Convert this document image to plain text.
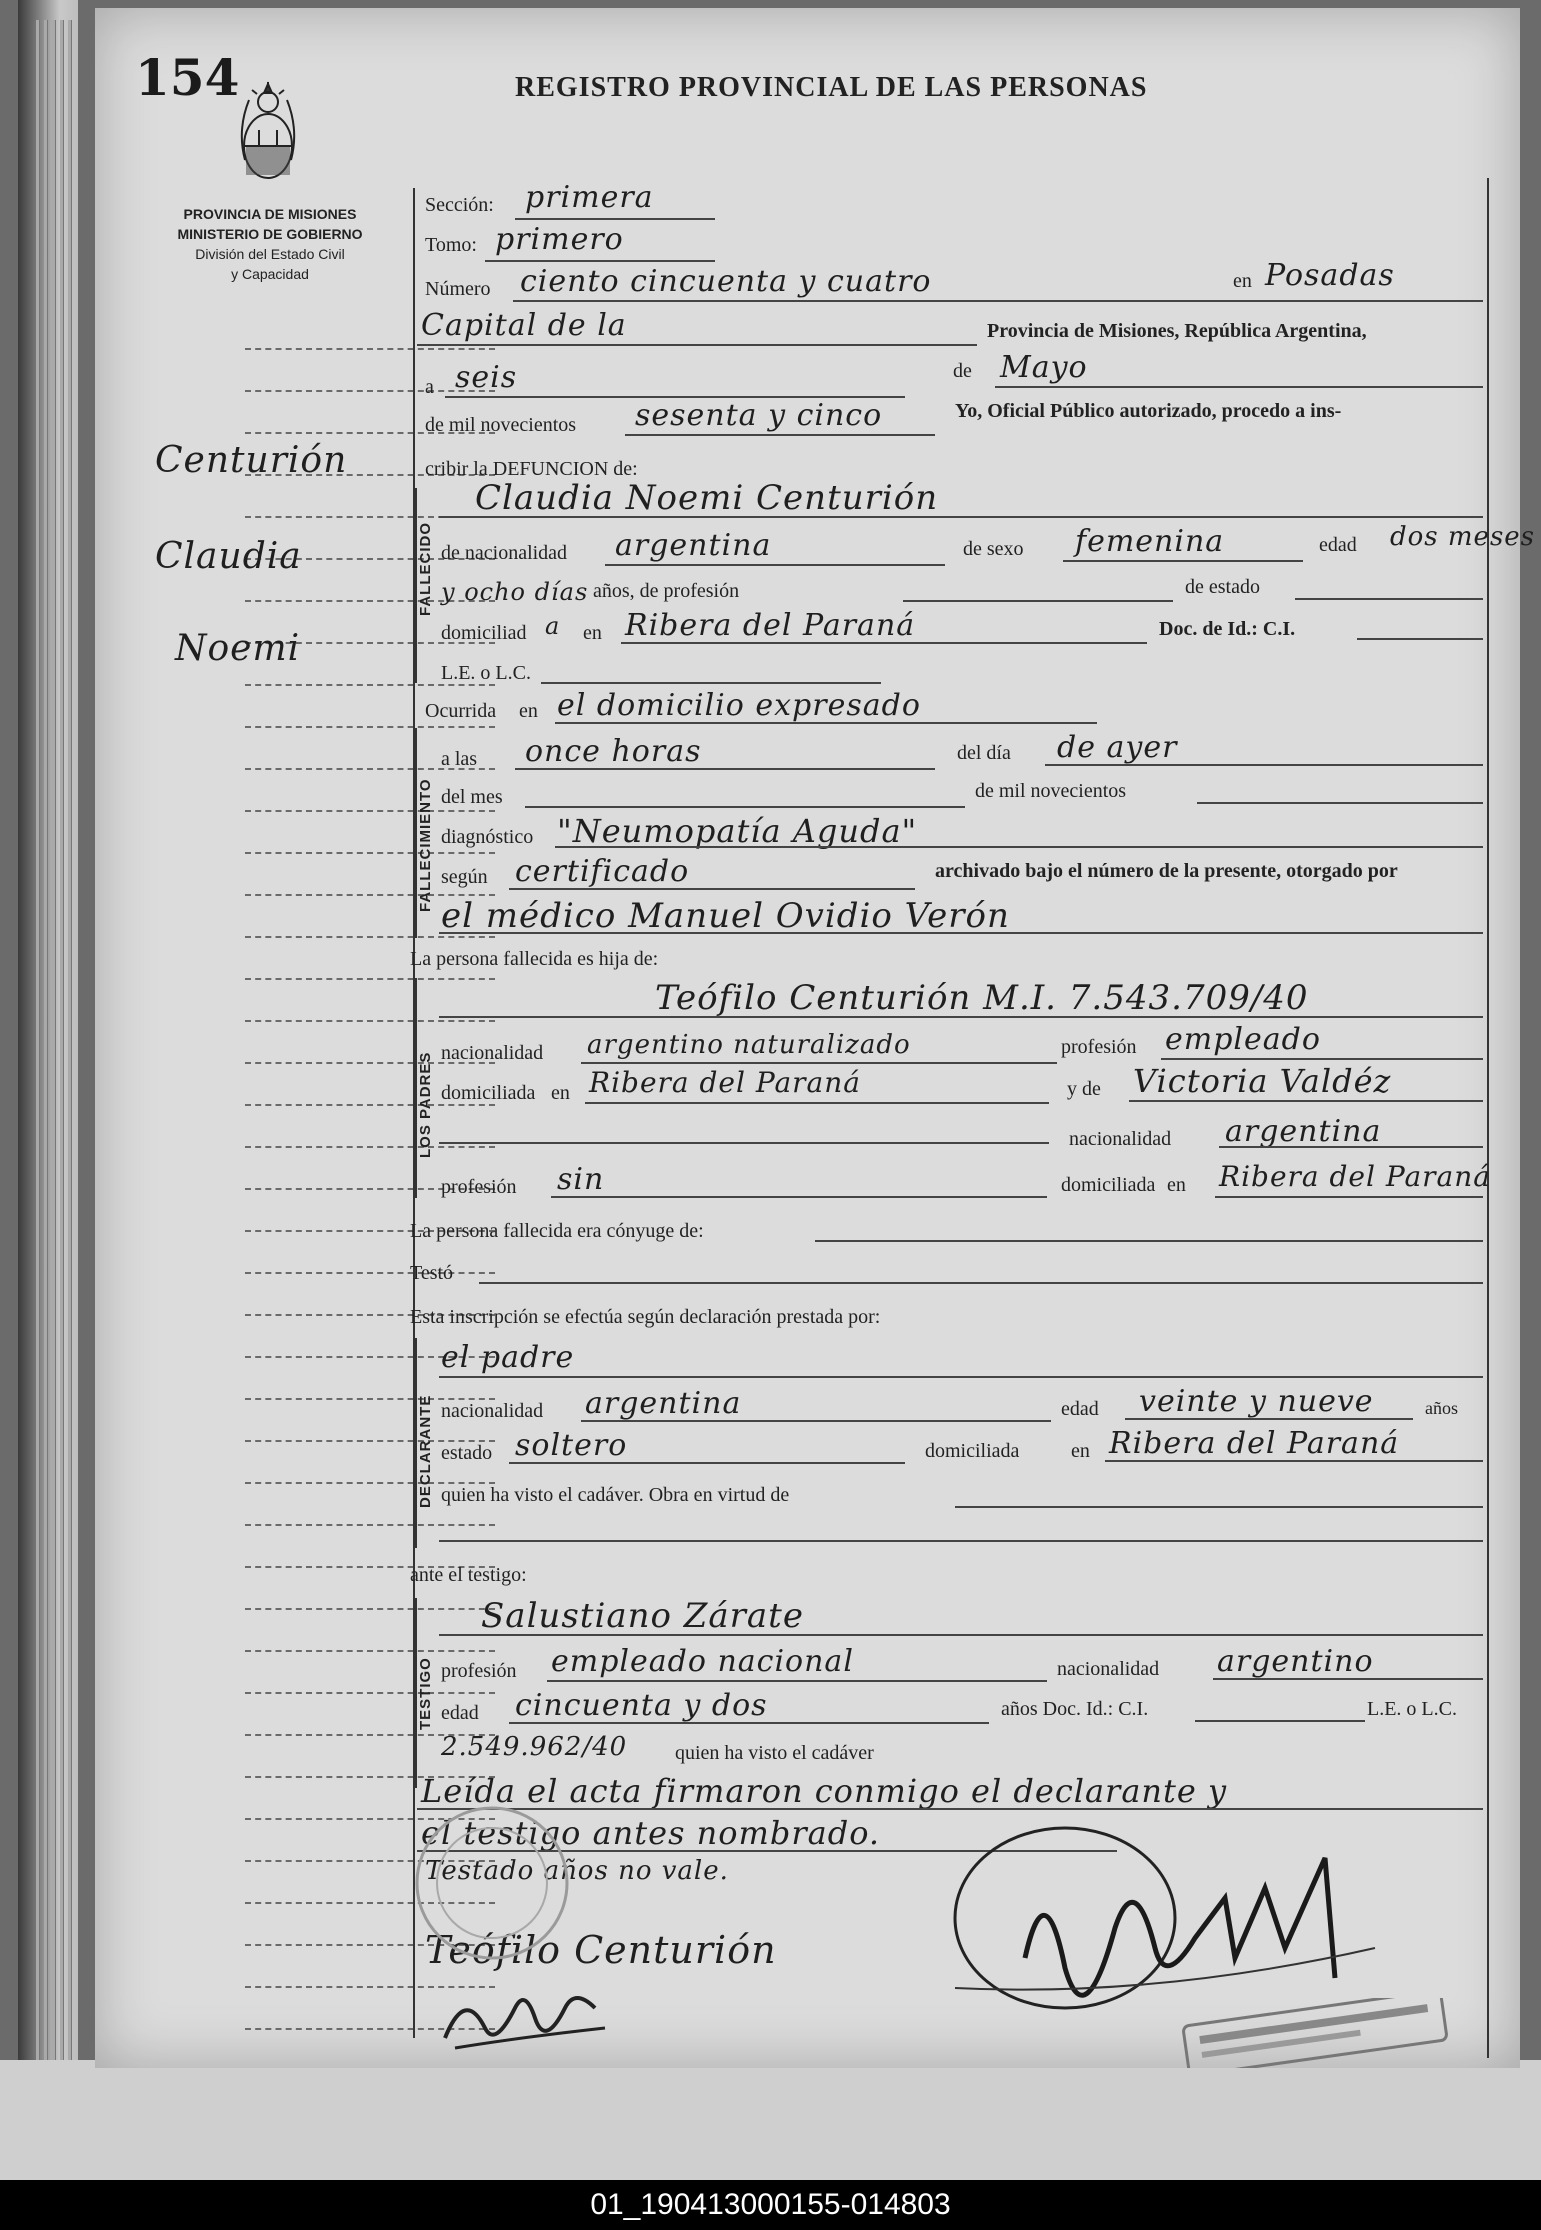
154	REGISTRO PROVINCIAL DE LAS PERSONAS
PROVINCIA DE MISIONES
MINISTERIO DE GOBIERNO
División del Estado Civil
y Capacidad
Centurión
Claudia
Noemi
Sección: primera
Tomo: primero
Número ciento cincuenta y cuatro	en Posadas
Capital de la	Provincia de Misiones, República Argentina,
a seis	de Mayo
de mil novecientos sesenta y cinco	Yo, Oficial Público autorizado, procedo a ins-
cribir la DEFUNCION de:
FALLECIDO
Claudia Noemi Centurión
de nacionalidad argentina	de sexo femenina	edad dos meses
y ocho días años, de profesión	de estado
domiciliad a en Ribera del Paraná	Doc. de Id.: C.I.
L.E. o L.C.
Ocurrida en el domicilio expresado
FALLECIMIENTO
a las once horas	del día de ayer
del mes	de mil novecientos
diagnóstico "Neumopatía Aguda"
según certificado	archivado bajo el número de la presente, otorgado por
el médico Manuel Ovidio Verón
La persona fallecida es hija de:
LOS PADRES
Teófilo Centurión M.I. 7.543.709/40
nacionalidad argentino naturalizado	profesión empleado
domiciliada en Ribera del Paraná	y de Victoria Valdéz
nacionalidad argentina
profesión sin	domiciliada en Ribera del Paraná
La persona fallecida era cónyuge de:
Testó
Esta inscripción se efectúa según declaración prestada por:
DECLARANTE
el padre
nacionalidad argentina	edad veinte y nueve	años
estado soltero	domiciliada	en Ribera del Paraná
quien ha visto el cadáver. Obra en virtud de
ante el testigo:
TESTIGO
Salustiano Zárate
profesión empleado nacional	nacionalidad argentino
edad cincuenta y dos	años Doc. Id.: C.I.	L.E. o L.C.
2.549.962/40 quien ha visto el cadáver
Leída el acta firmaron conmigo el declarante y
el testigo antes nombrado.
Testado años no vale.
Teófilo Centurión
01_190413000155-014803
